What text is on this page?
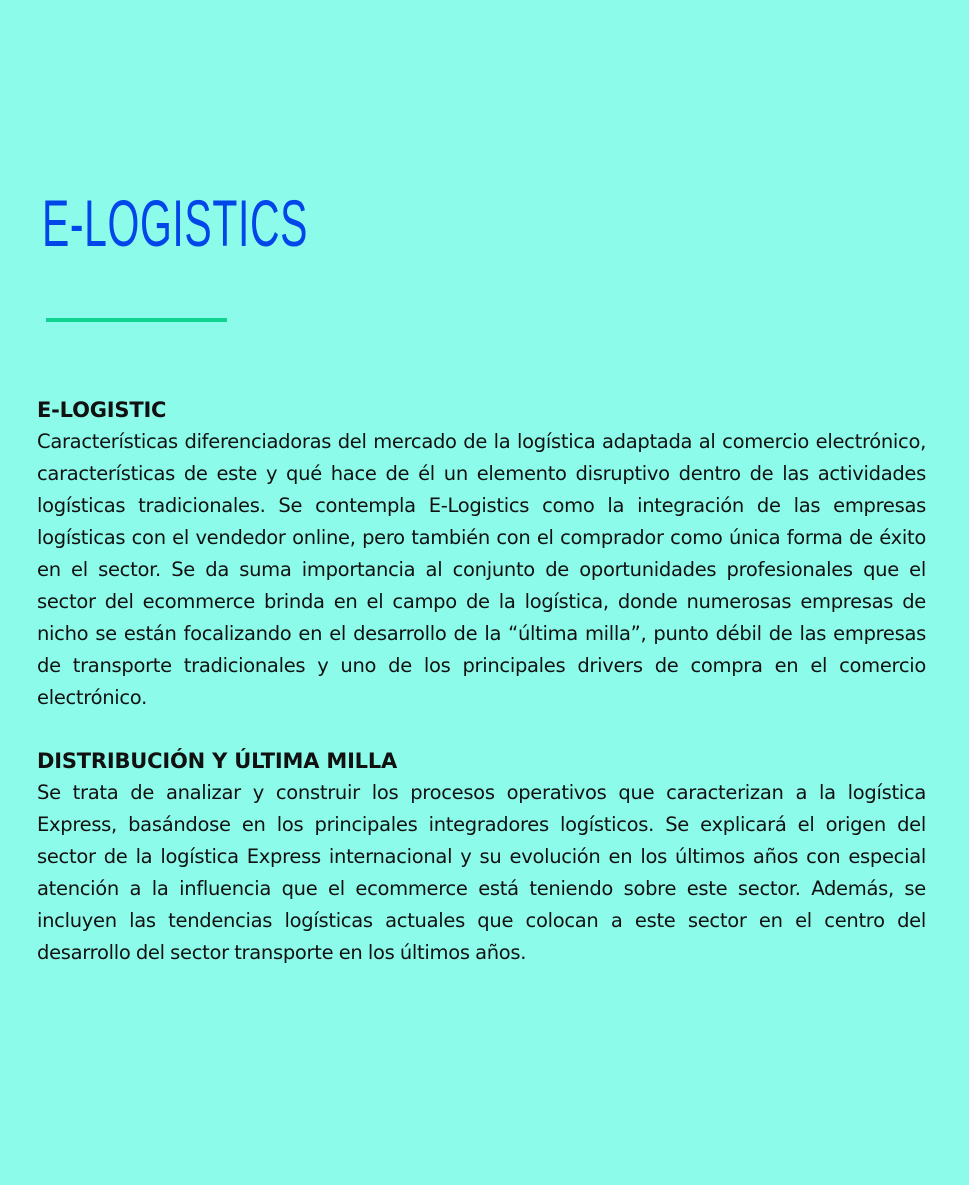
E-LOGISTICS
E-LOGISTIC

Características diferenciadoras del mercado de la logística adaptada al comercio electrónico, características de este y qué hace de él un elemento disruptivo dentro de las actividades logísticas tradicionales. Se contempla E-Logistics como la integración de las empresas logísticas con el vendedor online, pero también con el comprador como única forma de éxito en el sector. Se da suma importancia al conjunto de oportunidades profesionales que el sector del ecommerce brinda en el campo de la logística, donde numerosas empresas de nicho se están focalizando en el desarrollo de la “última milla”, punto débil de las empresas de transporte tradicionales y uno de los principales drivers de compra en el comercio electrónico.

DISTRIBUCIÓN Y ÚLTIMA MILLA

Se trata de analizar y construir los procesos operativos que caracterizan a la logística Express, basándose en los principales integradores logísticos. Se explicará el origen del sector de la logística Express internacional y su evolución en los últimos años con especial atención a la influencia que el ecommerce está teniendo sobre este sector. Además, se incluyen las tendencias logísticas actuales que colocan a este sector en el centro del desarrollo del sector transporte en los últimos años.
